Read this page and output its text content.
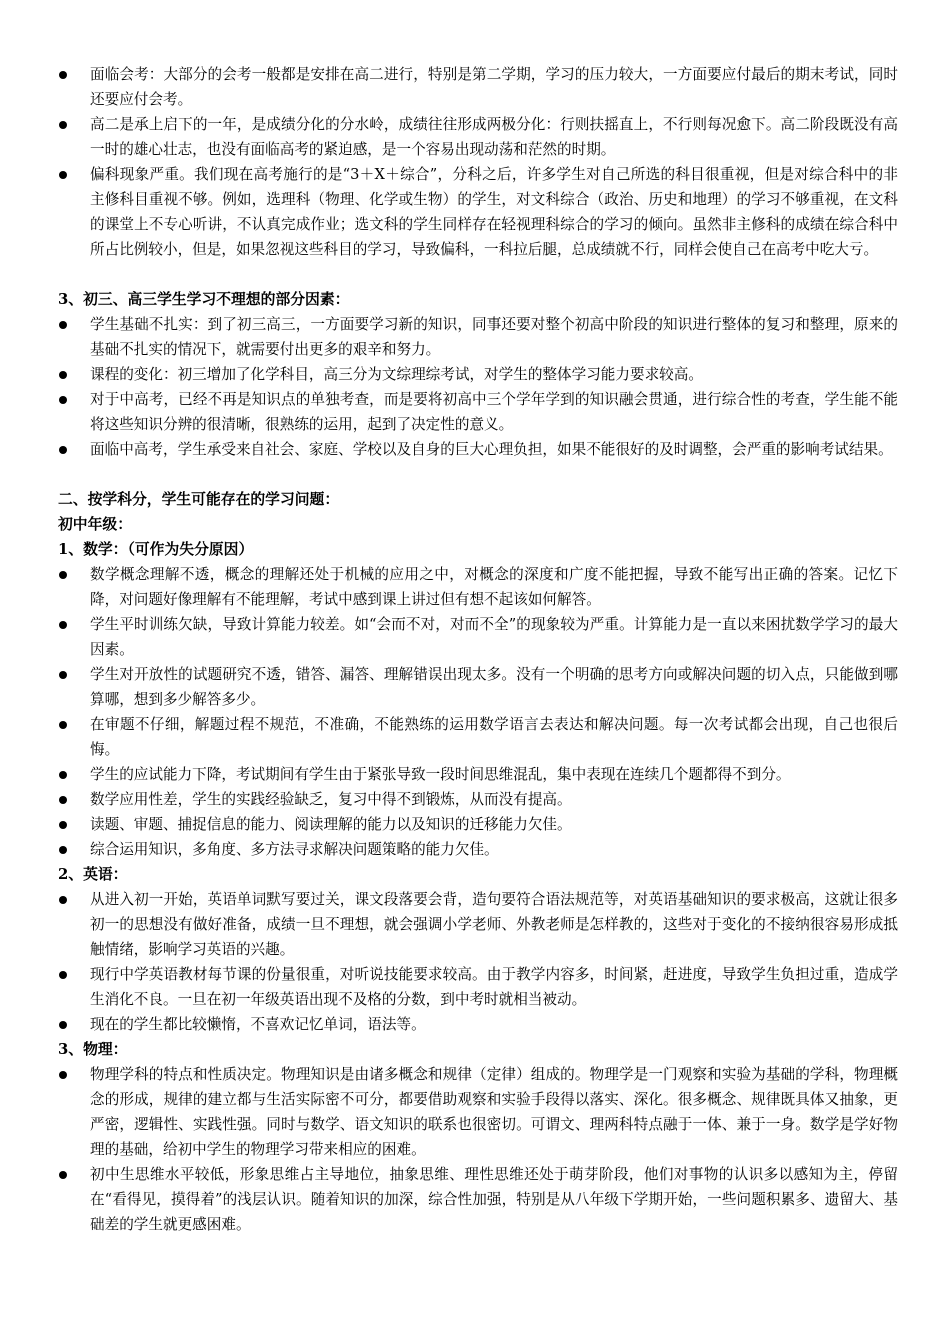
面临会考：大部分的会考一般都是安排在高二进行，特别是第二学期，学习的压力较大，一方面要应付最后的期末考试，同时还要应付会考。
高二是承上启下的一年，是成绩分化的分水岭，成绩往往形成两极分化：行则扶摇直上，不行则每况愈下。高二阶段既没有高一时的雄心壮志，也没有面临高考的紧迫感，是一个容易出现动荡和茫然的时期。
偏科现象严重。我们现在高考施行的是“3＋X＋综合”，分科之后，许多学生对自己所选的科目很重视，但是对综合科中的非主修科目重视不够。例如，选理科（物理、化学或生物）的学生，对文科综合（政治、历史和地理）的学习不够重视，在文科的课堂上不专心听讲，不认真完成作业；选文科的学生同样存在轻视理科综合的学习的倾向。虽然非主修科的成绩在综合科中所占比例较小，但是，如果忽视这些科目的学习，导致偏科，一科拉后腿，总成绩就不行，同样会使自己在高考中吃大亏。
3、初三、高三学生学习不理想的部分因素：
学生基础不扎实：到了初三高三，一方面要学习新的知识，同事还要对整个初高中阶段的知识进行整体的复习和整理，原来的基础不扎实的情况下，就需要付出更多的艰辛和努力。
课程的变化：初三增加了化学科目，高三分为文综理综考试，对学生的整体学习能力要求较高。
对于中高考，已经不再是知识点的单独考查，而是要将初高中三个学年学到的知识融会贯通，进行综合性的考查，学生能不能将这些知识分辨的很清晰，很熟练的运用，起到了决定性的意义。
面临中高考，学生承受来自社会、家庭、学校以及自身的巨大心理负担，如果不能很好的及时调整，会严重的影响考试结果。
二、按学科分，学生可能存在的学习问题：
初中年级：
1、数学：（可作为失分原因）
数学概念理解不透，概念的理解还处于机械的应用之中，对概念的深度和广度不能把握，导致不能写出正确的答案。记忆下降，对问题好像理解有不能理解，考试中感到课上讲过但有想不起该如何解答。
学生平时训练欠缺，导致计算能力较差。如“会而不对，对而不全”的现象较为严重。计算能力是一直以来困扰数学学习的最大因素。
学生对开放性的试题研究不透，错答、漏答、理解错误出现太多。没有一个明确的思考方向或解决问题的切入点，只能做到哪算哪，想到多少解答多少。
在审题不仔细，解题过程不规范，不准确，不能熟练的运用数学语言去表达和解决问题。每一次考试都会出现，自己也很后悔。
学生的应试能力下降，考试期间有学生由于紧张导致一段时间思维混乱，集中表现在连续几个题都得不到分。
数学应用性差，学生的实践经验缺乏，复习中得不到锻炼，从而没有提高。
读题、审题、捕捉信息的能力、阅读理解的能力以及知识的迁移能力欠佳。
综合运用知识，多角度、多方法寻求解决问题策略的能力欠佳。
2、英语：
从进入初一开始，英语单词默写要过关，课文段落要会背，造句要符合语法规范等，对英语基础知识的要求极高，这就让很多初一的思想没有做好准备，成绩一旦不理想，就会强调小学老师、外教老师是怎样教的，这些对于变化的不接纳很容易形成抵触情绪，影响学习英语的兴趣。
现行中学英语教材每节课的份量很重，对听说技能要求较高。由于教学内容多，时间紧，赶进度，导致学生负担过重，造成学生消化不良。一旦在初一年级英语出现不及格的分数，到中考时就相当被动。
现在的学生都比较懒惰，不喜欢记忆单词，语法等。
3、物理：
物理学科的特点和性质决定。物理知识是由诸多概念和规律（定律）组成的。物理学是一门观察和实验为基础的学科，物理概念的形成，规律的建立都与生活实际密不可分，都要借助观察和实验手段得以落实、深化。很多概念、规律既具体又抽象，更严密，逻辑性、实践性强。同时与数学、语文知识的联系也很密切。可谓文、理两科特点融于一体、兼于一身。数学是学好物理的基础，给初中学生的物理学习带来相应的困难。
初中生思维水平较低，形象思维占主导地位，抽象思维、理性思维还处于萌芽阶段，他们对事物的认识多以感知为主，停留在“看得见，摸得着”的浅层认识。随着知识的加深，综合性加强，特别是从八年级下学期开始，一些问题积累多、遗留大、基础差的学生就更感困难。
